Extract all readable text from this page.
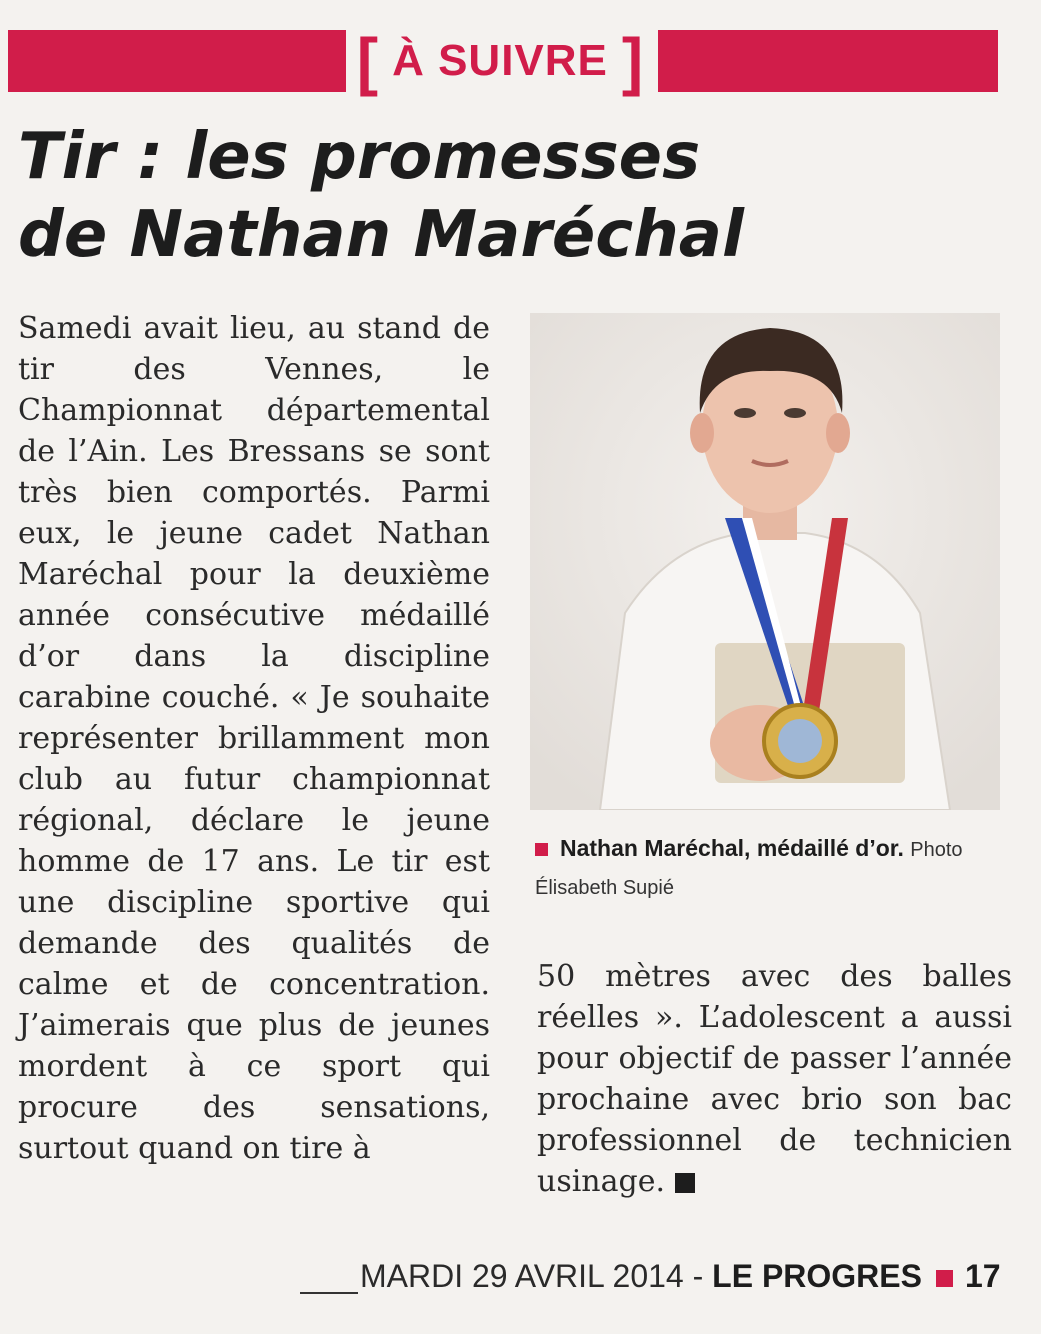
[ À SUIVRE ]
Tir : les promesses
de Nathan Maréchal

Samedi avait lieu, au stand de tir des Vennes, le Championnat départemental de l’Ain. Les Bressans se sont très bien comportés. Parmi eux, le jeune cadet Nathan Maréchal pour la deuxième année consécutive médaillé d’or dans la discipline carabine couché. « Je souhaite représenter brillamment mon club au futur championnat régional, déclare le jeune homme de 17 ans. Le tir est une discipline sportive qui demande des qualités de calme et de concentration. J’aimerais que plus de jeunes mordent à ce sport qui procure des sensations, surtout quand on tire à

Nathan Maréchal, médaillé d’or. Photo Élisabeth Supié

50 mètres avec des balles réelles ». L’adolescent a aussi pour objectif de passer l’année prochaine avec brio son bac professionnel de technicien usinage.

MARDI 29 AVRIL 2014 - LE PROGRES 17
